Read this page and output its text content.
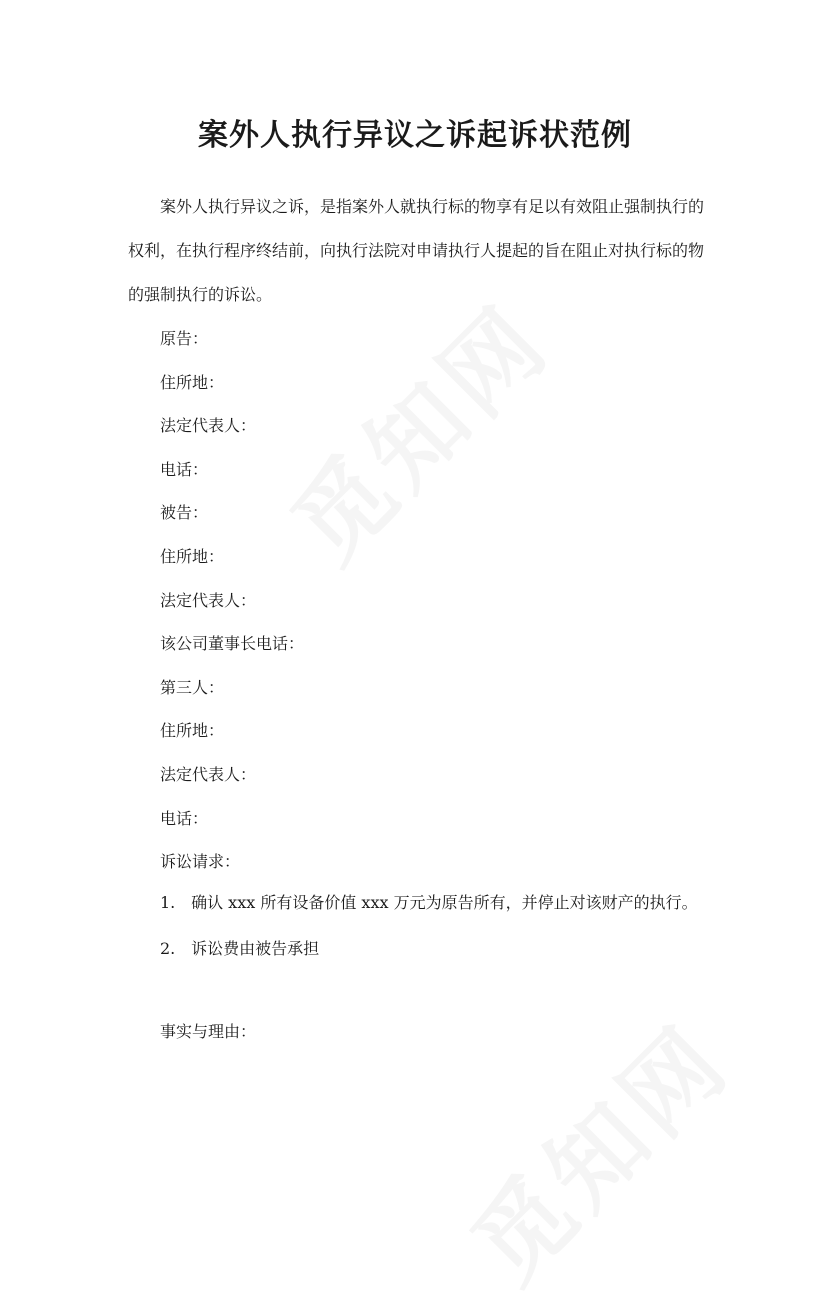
觅知网
觅知网
案外人执行异议之诉起诉状范例

案外人执行异议之诉，是指案外人就执行标的物享有足以有效阻止强制执行的权利，在执行程序终结前，向执行法院对申请执行人提起的旨在阻止对执行标的物的强制执行的诉讼。

原告：
住所地：
法定代表人：
电话：
被告：
住所地：
法定代表人：
该公司董事长电话：
第三人：
住所地：
法定代表人：
电话：
诉讼请求：

1. 确认 xxx 所有设备价值 xxx 万元为原告所有，并停止对该财产的执行。

2. 诉讼费由被告承担

事实与理由：
